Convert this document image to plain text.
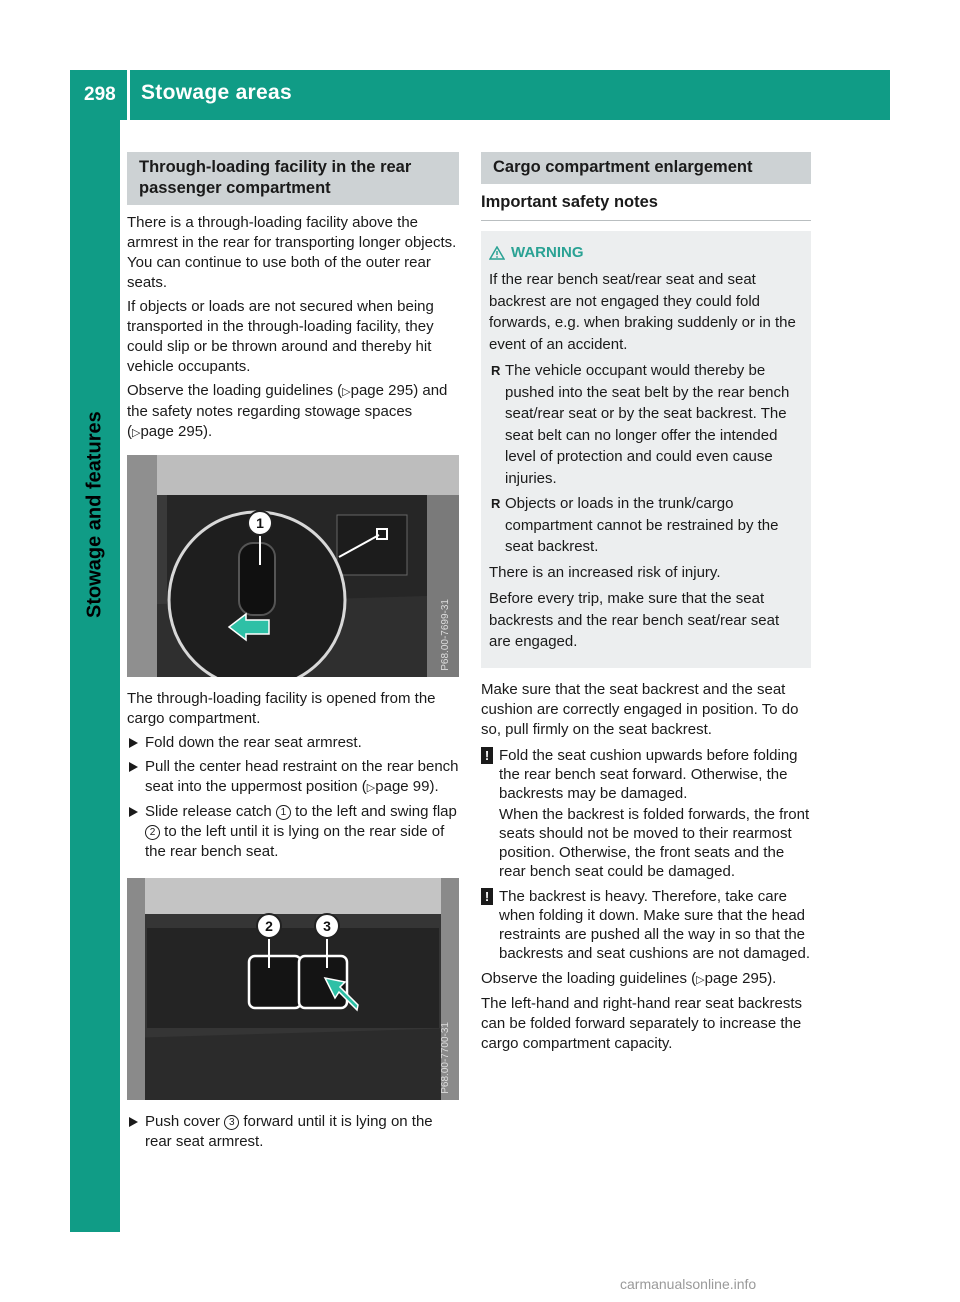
298 Stowage areas
Stowage and features
Through-loading facility in the rear passenger compartment

There is a through-loading facility above the armrest in the rear for transporting longer objects. You can continue to use both of the outer rear seats.

If objects or loads are not secured when being transported in the through-loading facility, they could slip or be thrown around and thereby hit vehicle occupants.

Observe the loading guidelines (▷page 295) and the safety notes regarding stowage spaces (▷page 295).

1
P68.00-7699-31

The through-loading facility is opened from the cargo compartment.

Fold down the rear seat armrest.
Pull the center head restraint on the rear bench seat into the uppermost position (▷page 99).
Slide release catch 1 to the left and swing flap 2 to the left until it is lying on the rear side of the rear bench seat.
2	3
P68.00-7700-31
Push cover 3 forward until it is lying on the rear seat armrest.
Cargo compartment enlargement
Important safety notes
WARNING

If the rear bench seat/rear seat and seat backrest are not engaged they could fold forwards, e.g. when braking suddenly or in the event of an accident.

R The vehicle occupant would thereby be pushed into the seat belt by the rear bench seat/rear seat or by the seat backrest. The seat belt can no longer offer the intended level of protection and could even cause injuries.
R Objects or loads in the trunk/cargo compartment cannot be restrained by the seat backrest.

There is an increased risk of injury.

Before every trip, make sure that the seat backrests and the rear bench seat/rear seat are engaged.

Make sure that the seat backrest and the seat cushion are correctly engaged in position. To do so, pull firmly on the seat backrest.

! Fold the seat cushion upwards before folding the rear bench seat forward. Otherwise, the backrests may be damaged.

When the backrest is folded forwards, the front seats should not be moved to their rearmost position. Otherwise, the front seats and the rear bench seat could be damaged.

! The backrest is heavy. Therefore, take care when folding it down. Make sure that the head restraints are pushed all the way in so that the backrests and seat cushions are not damaged.

Observe the loading guidelines (▷page 295).

The left-hand and right-hand rear seat backrests can be folded forward separately to increase the cargo compartment capacity.

carmanualsonline.info
